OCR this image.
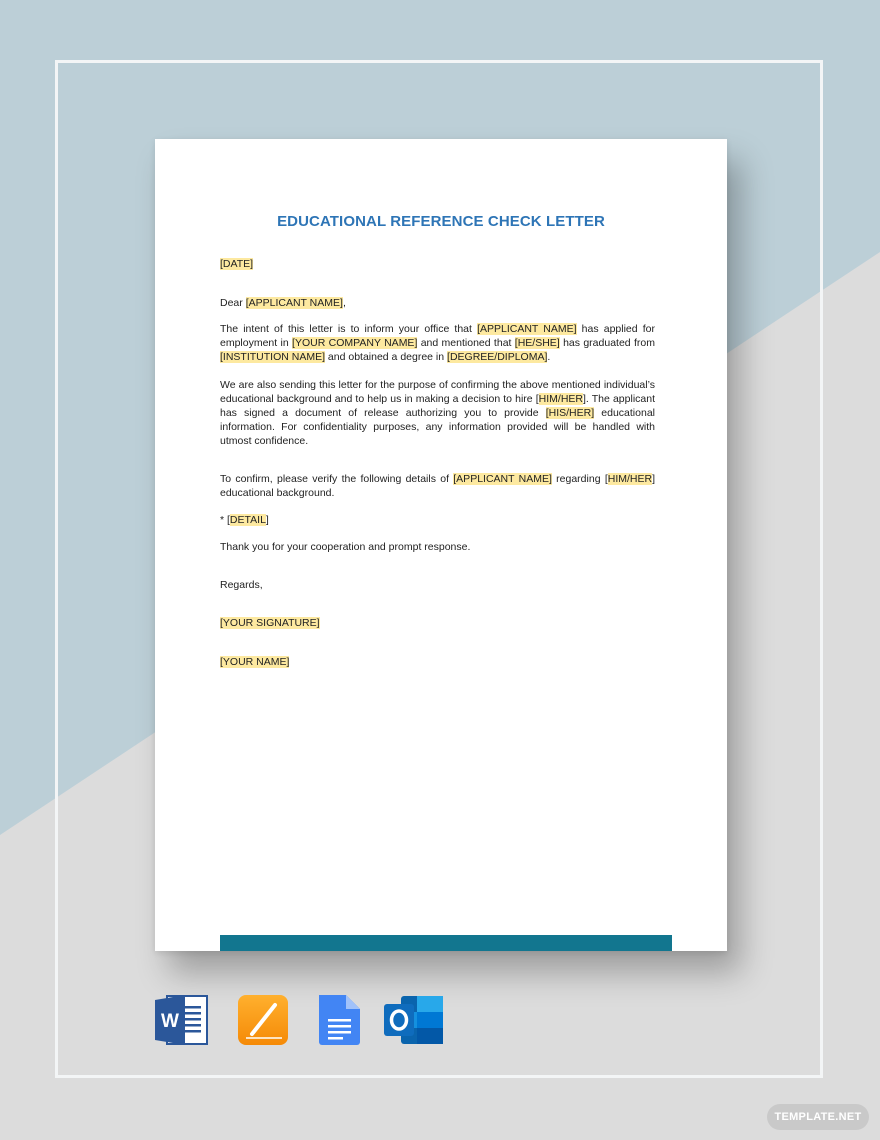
EDUCATIONAL REFERENCE CHECK LETTER

[DATE]

Dear [APPLICANT NAME],

The intent of this letter is to inform your office that [APPLICANT NAME] has applied for employment in [YOUR COMPANY NAME] and mentioned that [HE/SHE] has graduated from [INSTITUTION NAME] and obtained a degree in [DEGREE/DIPLOMA].

We are also sending this letter for the purpose of confirming the above mentioned individual’s educational background and to help us in making a decision to hire [HIM/HER]. The applicant has signed a document of release authorizing you to provide [HIS/HER] educational information. For confidentiality purposes, any information provided will be handled with utmost confidence.

To confirm, please verify the following details of [APPLICANT NAME] regarding [HIM/HER] educational background.

* [DETAIL]

Thank you for your cooperation and prompt response.

Regards,

[YOUR SIGNATURE]

[YOUR NAME]

W
TEMPLATE.NET
